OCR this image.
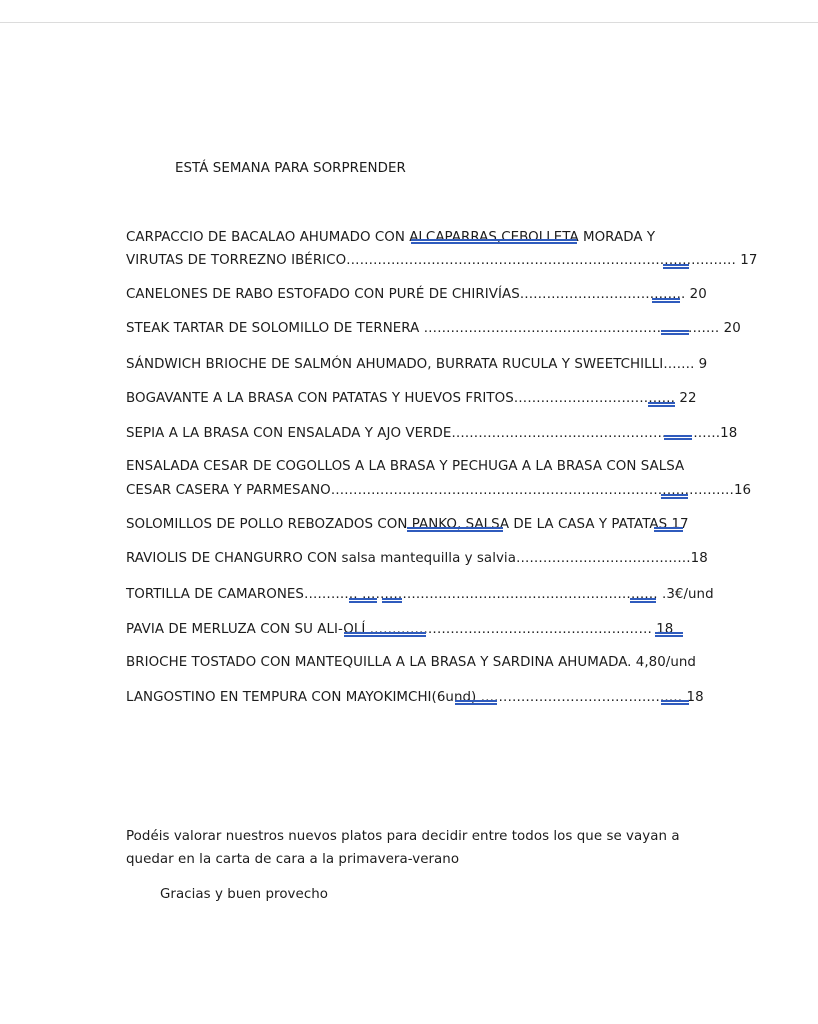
ESTÁ SEMANA PARA SORPRENDER
CARPACCIO DE BACALAO AHUMADO CON ALCAPARRAS,CEBOLLETA MORADA Y
VIRUTAS DE TORREZNO IBÉRICO…………………………………………………………………………… 17
CANELONES DE RABO ESTOFADO CON PURÉ DE CHIRIVÍAS………………………………. 20
STEAK TARTAR DE SOLOMILLO DE TERNERA ………………………………………………………… 20
SÁNDWICH BRIOCHE DE SALMÓN AHUMADO, BURRATA RUCULA Y SWEETCHILLI……. 9
BOGAVANTE A LA BRASA CON PATATAS Y HUEVOS FRITOS……………………………… 22
SEPIA A LA BRASA CON ENSALADA Y AJO VERDE……………………………………………………18
ENSALADA CESAR DE COGOLLOS A LA BRASA Y PECHUGA A LA BRASA CON SALSA
CESAR CASERA Y PARMESANO………………………………………………………………………………16
SOLOMILLOS DE POLLO REBOZADOS CON PANKO, SALSA DE LA CASA Y PATATAS 17
RAVIOLIS DE CHANGURRO CON salsa mantequilla y salvia…………………………………18
TORTILLA DE CAMARONES………… ………………………………………………………… .3€/und
PAVIA DE MERLUZA CON SU ALI-OLÍ ……………………………………………………… 18
BRIOCHE TOSTADO CON MANTEQUILLA A LA BRASA Y SARDINA AHUMADA. 4,80/und
LANGOSTINO EN TEMPURA CON MAYOKIMCHI(6und) ……………………………………… 18
Podéis valorar nuestros nuevos platos para decidir entre todos los que se vayan a
quedar en la carta de cara a la primavera-verano
Gracias y buen provecho
